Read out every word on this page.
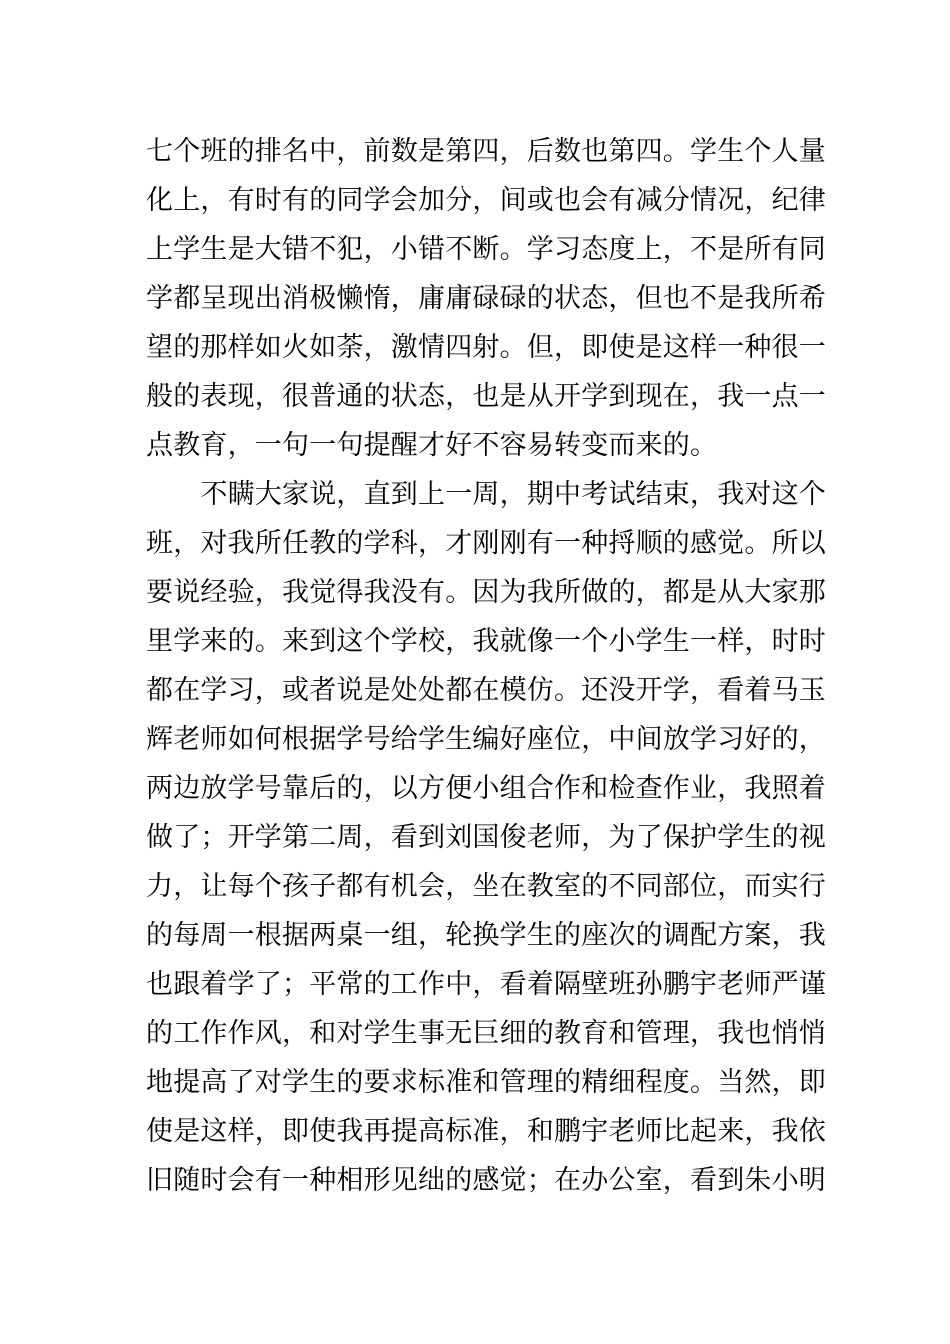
七个班的排名中，前数是第四，后数也第四。学生个人量
化上，有时有的同学会加分，间或也会有减分情况，纪律
上学生是大错不犯，小错不断。学习态度上，不是所有同
学都呈现出消极懒惰，庸庸碌碌的状态，但也不是我所希
望的那样如火如荼，激情四射。但，即使是这样一种很一
般的表现，很普通的状态，也是从开学到现在，我一点一
点教育，一句一句提醒才好不容易转变而来的。
　　不瞒大家说，直到上一周，期中考试结束，我对这个
班，对我所任教的学科，才刚刚有一种捋顺的感觉。所以
要说经验，我觉得我没有。因为我所做的，都是从大家那
里学来的。来到这个学校，我就像一个小学生一样，时时
都在学习，或者说是处处都在模仿。还没开学，看着马玉
辉老师如何根据学号给学生编好座位，中间放学习好的，
两边放学号靠后的，以方便小组合作和检查作业，我照着
做了；开学第二周，看到刘国俊老师，为了保护学生的视
力，让每个孩子都有机会，坐在教室的不同部位，而实行
的每周一根据两桌一组，轮换学生的座次的调配方案，我
也跟着学了；平常的工作中，看着隔壁班孙鹏宇老师严谨
的工作作风，和对学生事无巨细的教育和管理，我也悄悄
地提高了对学生的要求标准和管理的精细程度。当然，即
使是这样，即使我再提高标准，和鹏宇老师比起来，我依
旧随时会有一种相形见绌的感觉；在办公室，看到朱小明
